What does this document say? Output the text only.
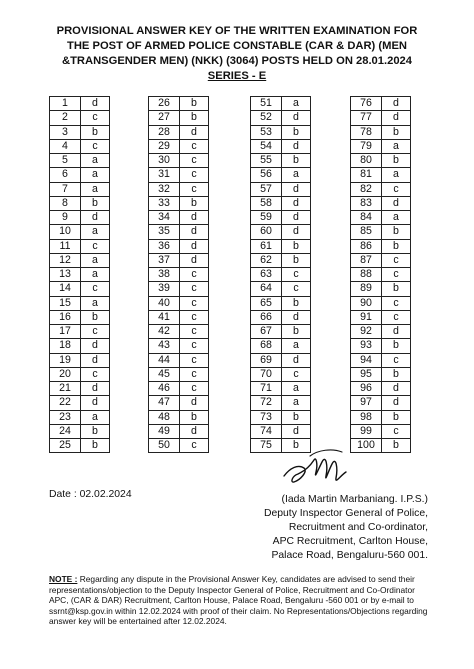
PROVISIONAL ANSWER KEY OF THE WRITTEN EXAMINATION FOR
THE POST OF ARMED POLICE CONSTABLE (CAR & DAR) (MEN
&TRANSGENDER MEN) (NKK) (3064) POSTS HELD ON 28.01.2024
SERIES - E
1	d
2	c
3	b
4	c
5	a
6	a
7	a
8	b
9	d
10	a
11	c
12	a
13	a
14	c
15	a
16	b
17	c
18	d
19	d
20	c
21	d
22	d
23	a
24	b
25	b
26	b
27	b
28	d
29	c
30	c
31	c
32	c
33	b
34	d
35	d
36	d
37	d
38	c
39	c
40	c
41	c
42	c
43	c
44	c
45	c
46	c
47	d
48	b
49	d
50	c
51	a
52	d
53	b
54	d
55	b
56	a
57	d
58	d
59	d
60	d
61	b
62	b
63	c
64	c
65	b
66	d
67	b
68	a
69	d
70	c
71	a
72	a
73	b
74	d
75	b
76	d
77	d
78	b
79	a
80	b
81	a
82	c
83	d
84	a
85	b
86	b
87	c
88	c
89	b
90	c
91	c
92	d
93	b
94	c
95	b
96	d
97	d
98	b
99	c
100	b
Date : 02.02.2024	(Iada Martin Marbaniang. I.P.S.)
Deputy Inspector General of Police,
Recruitment and Co-ordinator,
APC Recruitment, Carlton House,
Palace Road, Bengaluru-560 001.
NOTE : Regarding any dispute in the Provisional Answer Key, candidates are advised to send their representations/objection to the Deputy Inspector General of Police, Recruitment and Co-Ordinator APC, (CAR & DAR) Recruitment, Carlton House, Palace Road, Bengaluru -560 001 or by e-mail to ssrnt@ksp.gov.in within 12.02.2024 with proof of their claim. No Representations/Objections regarding answer key will be entertained after 12.02.2024.
